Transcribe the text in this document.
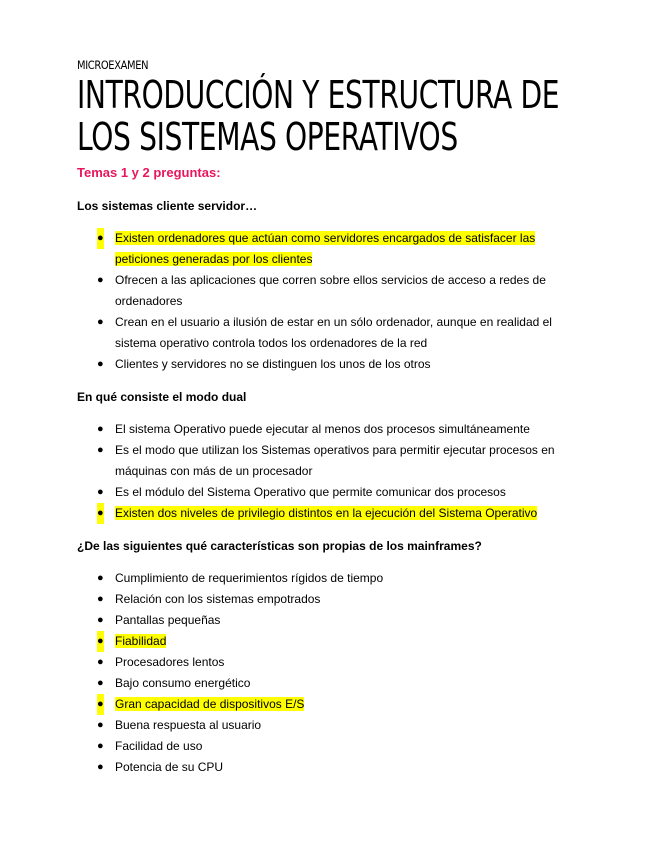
MICROEXAMEN

INTRODUCCIÓN Y ESTRUCTURA DE
LOS SISTEMAS OPERATIVOS

Temas 1 y 2 preguntas:

Los sistemas cliente servidor…

● Existen ordenadores que actúan como servidores encargados de satisfacer las peticiones generadas por los clientes
● Ofrecen a las aplicaciones que corren sobre ellos servicios de acceso a redes de ordenadores
● Crean en el usuario a ilusión de estar en un sólo ordenador, aunque en realidad el sistema operativo controla todos los ordenadores de la red
● Clientes y servidores no se distinguen los unos de los otros

En qué consiste el modo dual

● El sistema Operativo puede ejecutar al menos dos procesos simultáneamente
● Es el modo que utilizan los Sistemas operativos para permitir ejecutar procesos en máquinas con más de un procesador
● Es el módulo del Sistema Operativo que permite comunicar dos procesos
● Existen dos niveles de privilegio distintos en la ejecución del Sistema Operativo

¿De las siguientes qué características son propias de los mainframes?

● Cumplimiento de requerimientos rígidos de tiempo
● Relación con los sistemas empotrados
● Pantallas pequeñas
● Fiabilidad
● Procesadores lentos
● Bajo consumo energético
● Gran capacidad de dispositivos E/S
● Buena respuesta al usuario
● Facilidad de uso
● Potencia de su CPU
